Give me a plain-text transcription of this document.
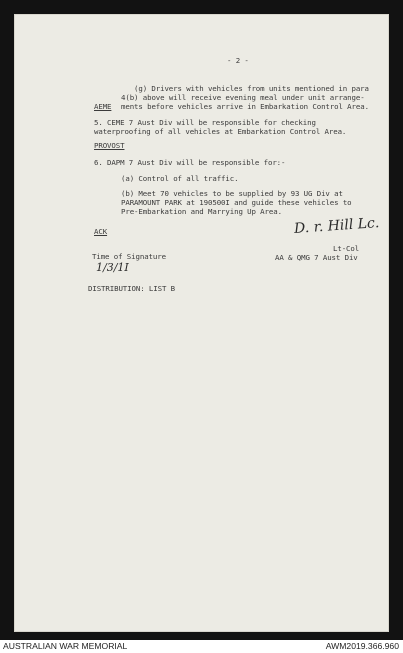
- 2 -
(g) Drivers with vehicles from units mentioned in para
4(b) above will receive evening meal under unit arrange-
ments before vehicles arrive in Embarkation Control Area.
AEME
5. CEME 7 Aust Div will be responsible for checking
waterproofing of all vehicles at Embarkation Control Area.
PROVOST
6. DAPM 7 Aust Div will be responsible for:-
(a) Control of all traffic.
(b) Meet 70 vehicles to be supplied by 93 UG Div at
PARAMOUNT PARK at 190500I and guide these vehicles to
Pre-Embarkation and Marrying Up Area.
ACK	D. r. Hill Lc.
Lt-Col
AA & QMG 7 Aust Div
Time of Signature
1/3/1I
DISTRIBUTION: LIST B
AUSTRALIAN WAR MEMORIAL	AWM2019.366.960
